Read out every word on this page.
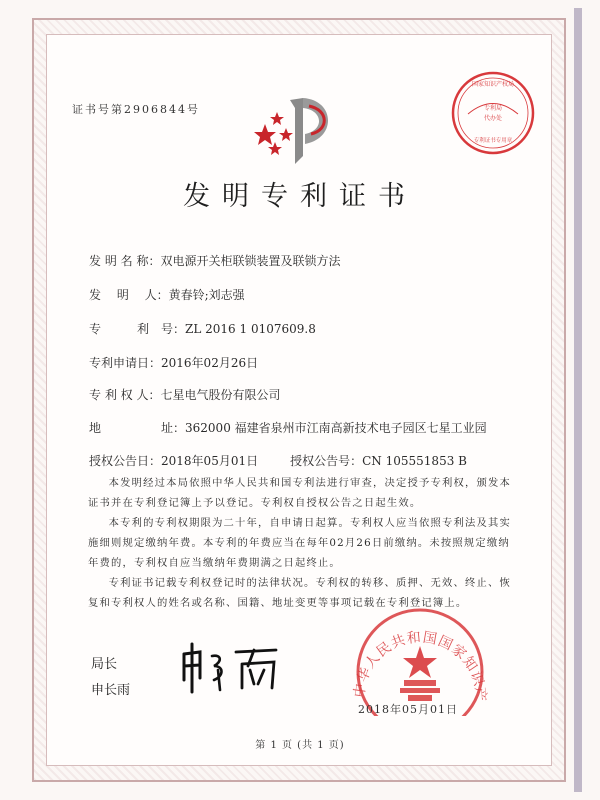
证书号第2906844号
国家知识产权局
专利局
代办处
专利证书专用章
发明专利证书
发 明 名 称：双电源开关柜联锁装置及联锁方法
发　 明　 人：黄春铃;刘志强
专　　　利　号：ZL 2016 1 0107609.8
专利申请日：2016年02月26日
专 利 权 人：七星电气股份有限公司
地　　　　　址：362000 福建省泉州市江南高新技术电子园区七星工业园
授权公告日：2018年05月01日	授权公告号：CN 105551853 B
本发明经过本局依照中华人民共和国专利法进行审查，决定授予专利权，颁发本证书并在专利登记簿上予以登记。专利权自授权公告之日起生效。
本专利的专利权期限为二十年，自申请日起算。专利权人应当依照专利法及其实施细则规定缴纳年费。本专利的年费应当在每年02月26日前缴纳。未按照规定缴纳年费的，专利权自应当缴纳年费期满之日起终止。
专利证书记载专利权登记时的法律状况。专利权的转移、质押、无效、终止、恢复和专利权人的姓名或名称、国籍、地址变更等事项记载在专利登记簿上。
局长
申长雨	中华人民共和国国家知识产
2018年05月01日
第 1 页 (共 1 页)
